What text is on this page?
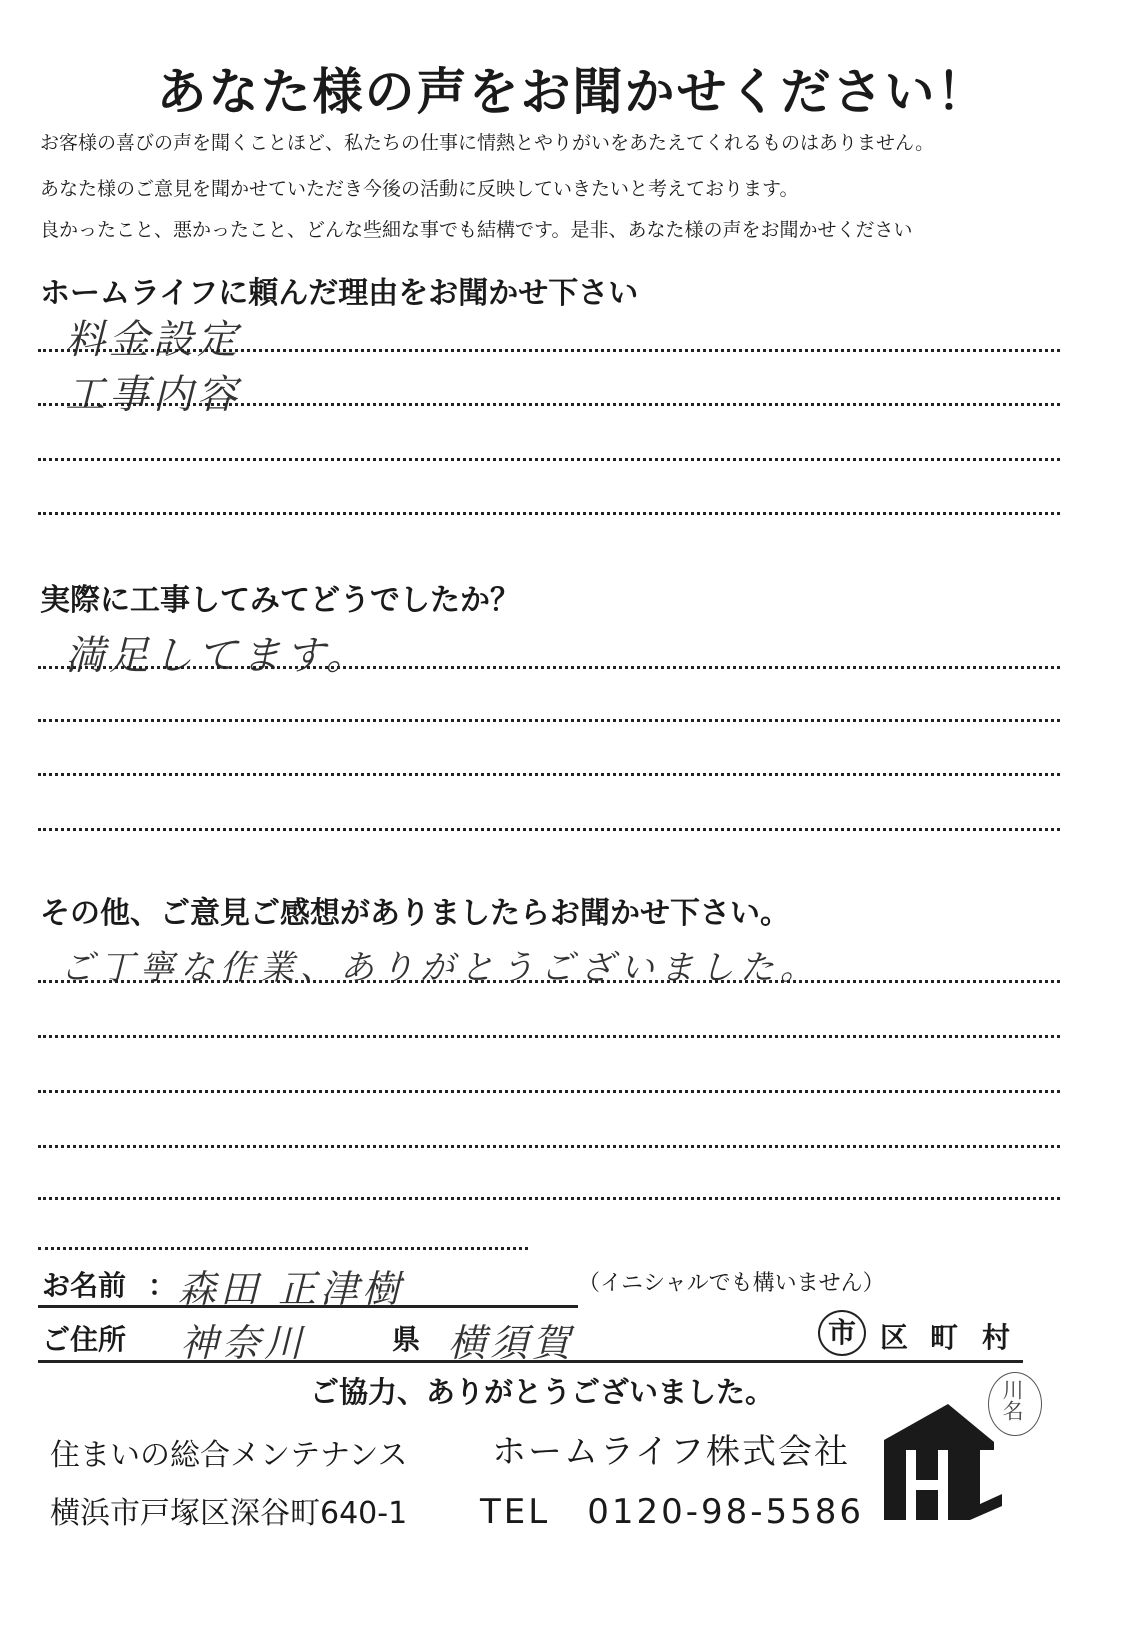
あなた様の声をお聞かせください！
お客様の喜びの声を聞くことほど、私たちの仕事に情熱とやりがいをあたえてくれるものはありません。
あなた様のご意見を聞かせていただき今後の活動に反映していきたいと考えております。
良かったこと、悪かったこと、どんな些細な事でも結構です。是非、あなた様の声をお聞かせください
ホームライフに頼んだ理由をお聞かせ下さい
料金設定
工事内容
実際に工事してみてどうでしたか？
満足してます。
その他、ご意見ご感想がありましたらお聞かせ下さい。
ご丁寧な作業、ありがとうございました。
お名前 ： 森田 正津樹	（イニシャルでも構いません）
ご住所 神奈川	県 横須賀	市 区 町 村
ご協力、ありがとうございました。	川名
住まいの総合メンテナンス ホームライフ株式会社
横浜市戸塚区深谷町640-1 TEL　0120-98-5586
